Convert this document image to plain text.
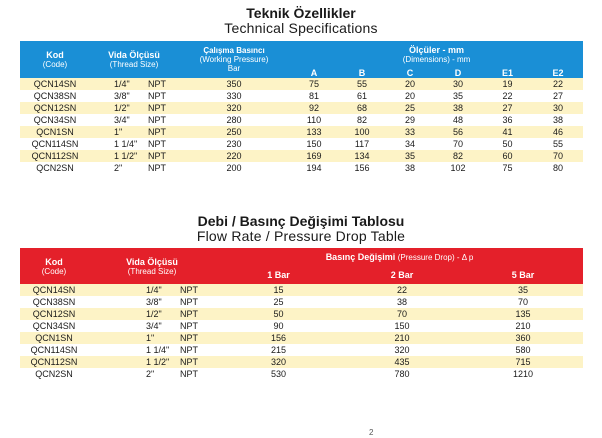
Teknik Özellikler
Technical Specifications
Kod
(Code)	Vida Ölçüsü
(Thread Size)	Çalışma Basıncı
(Working Pressure)
Bar	Ölçüler - mm
(Dimensions) - mm					

			A	B	C	D	E1	E2
QCN14SN	1/4" NPT	350	75	55	20	30	19	22
QCN38SN	3/8" NPT	330	81	61	20	35	22	27
QCN12SN	1/2" NPT	320	92	68	25	38	27	30
QCN34SN	3/4" NPT	280	110	82	29	48	36	38
QCN1SN	1" NPT	250	133	100	33	56	41	46
QCN114SN	1 1/4" NPT	230	150	117	34	70	50	55
QCN112SN	1 1/2" NPT	220	169	134	35	82	60	70
QCN2SN	2" NPT	200	194	156	38	102	75	80
Debi / Basınç Değişimi Tablosu
Flow Rate / Pressure Drop Table
Kod
(Code)	Vida Ölçüsü
(Thread Size)	Basınç Değişimi (Pressure Drop) - Δ p		
		1 Bar	2 Bar	5 Bar
QCN14SN	1/4" NPT	15	22	35
QCN38SN	3/8" NPT	25	38	70
QCN12SN	1/2" NPT	50	70	135
QCN34SN	3/4" NPT	90	150	210
QCN1SN	1" NPT	156	210	360
QCN114SN	1 1/4" NPT	215	320	580
QCN112SN	1 1/2" NPT	320	435	715
QCN2SN	2" NPT	530	780	1210
2
